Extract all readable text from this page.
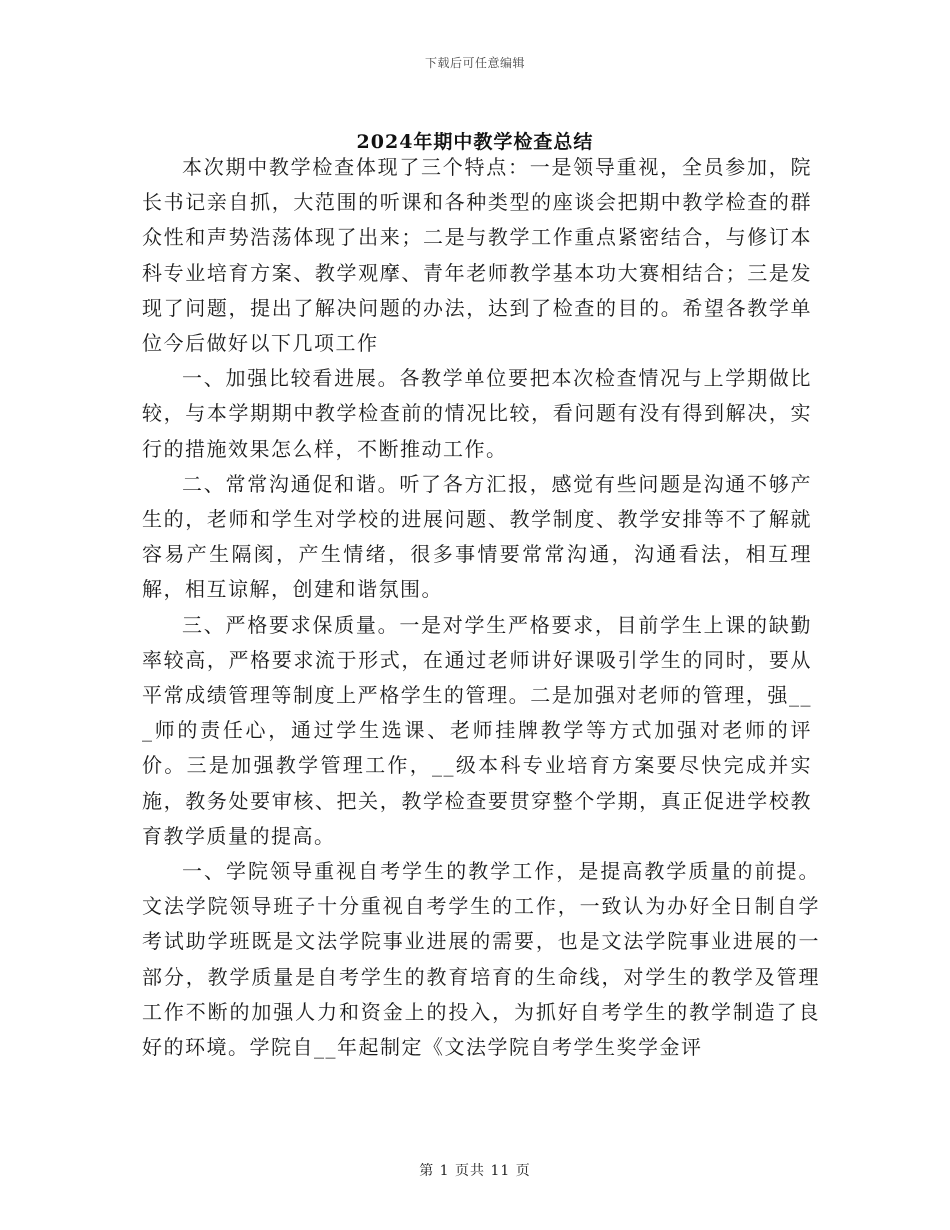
下载后可任意编辑
2024年期中教学检查总结

本次期中教学检查体现了三个特点：一是领导重视，全员参加，院长书记亲自抓，大范围的听课和各种类型的座谈会把期中教学检查的群众性和声势浩荡体现了出来；二是与教学工作重点紧密结合，与修订本科专业培育方案、教学观摩、青年老师教学基本功大赛相结合；三是发现了问题，提出了解决问题的办法，达到了检查的目的。希望各教学单位今后做好以下几项工作

一、加强比较看进展。各教学单位要把本次检查情况与上学期做比较，与本学期期中教学检查前的情况比较，看问题有没有得到解决，实行的措施效果怎么样，不断推动工作。

二、常常沟通促和谐。听了各方汇报，感觉有些问题是沟通不够产生的，老师和学生对学校的进展问题、教学制度、教学安排等不了解就容易产生隔阂，产生情绪，很多事情要常常沟通，沟通看法，相互理解，相互谅解，创建和谐氛围。

三、严格要求保质量。一是对学生严格要求，目前学生上课的缺勤率较高，严格要求流于形式，在通过老师讲好课吸引学生的同时，要从平常成绩管理等制度上严格学生的管理。二是加强对老师的管理，强___师的责任心，通过学生选课、老师挂牌教学等方式加强对老师的评价。三是加强教学管理工作，__级本科专业培育方案要尽快完成并实施，教务处要审核、把关，教学检查要贯穿整个学期，真正促进学校教育教学质量的提高。

一、学院领导重视自考学生的教学工作，是提高教学质量的前提。文法学院领导班子十分重视自考学生的工作，一致认为办好全日制自学考试助学班既是文法学院事业进展的需要，也是文法学院事业进展的一部分，教学质量是自考学生的教育培育的生命线，对学生的教学及管理工作不断的加强人力和资金上的投入，为抓好自考学生的教学制造了良好的环境。学院自__年起制定《文法学院自考学生奖学金评

第 1 页共 11 页
